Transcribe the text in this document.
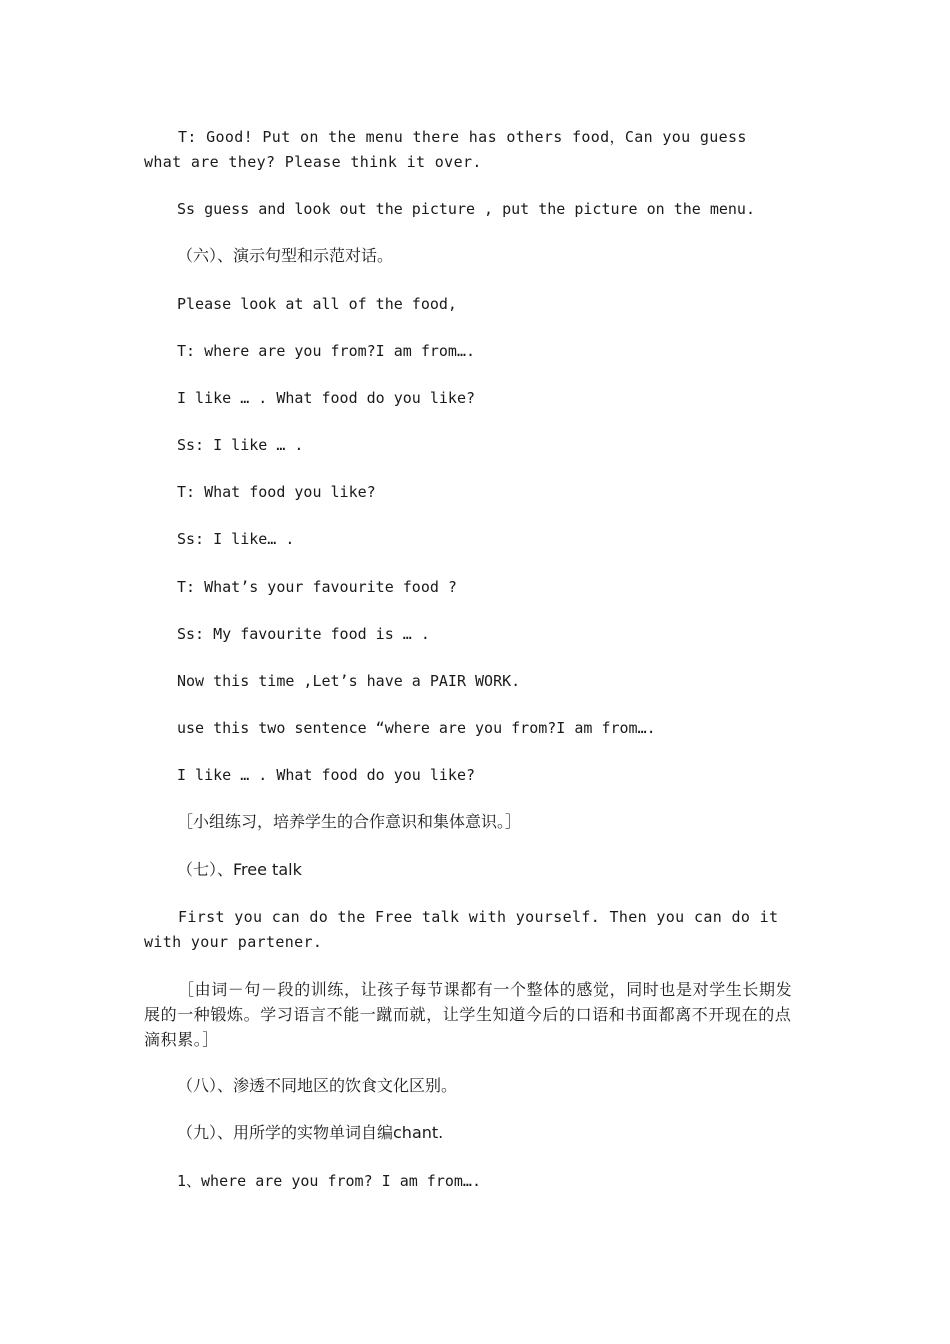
T: Good! Put on the menu there has others food，Can you guess what are they? Please think it over.
Ss guess and look out the picture , put the picture on the menu.
（六）、演示句型和示范对话。
Please look at all of the food,
T: where are you from?I am from….
I like … . What food do you like?
Ss: I like … .
T: What food you like?
Ss: I like… .
T: What’s your favourite food ?
Ss: My favourite food is … .
Now this time ,Let’s have a PAIR WORK.
use this two sentence “where are you from?I am from….
I like … . What food do you like?
［小组练习，培养学生的合作意识和集体意识。］
（七）、Free talk
First you can do the Free talk with yourself. Then you can do it with your partener.
［由词－句－段的训练，让孩子每节课都有一个整体的感觉，同时也是对学生长期发展的一种锻炼。学习语言不能一蹴而就，让学生知道今后的口语和书面都离不开现在的点滴积累。］
（八）、渗透不同地区的饮食文化区别。
（九）、用所学的实物单词自编chant.
1、where are you from? I am from….
